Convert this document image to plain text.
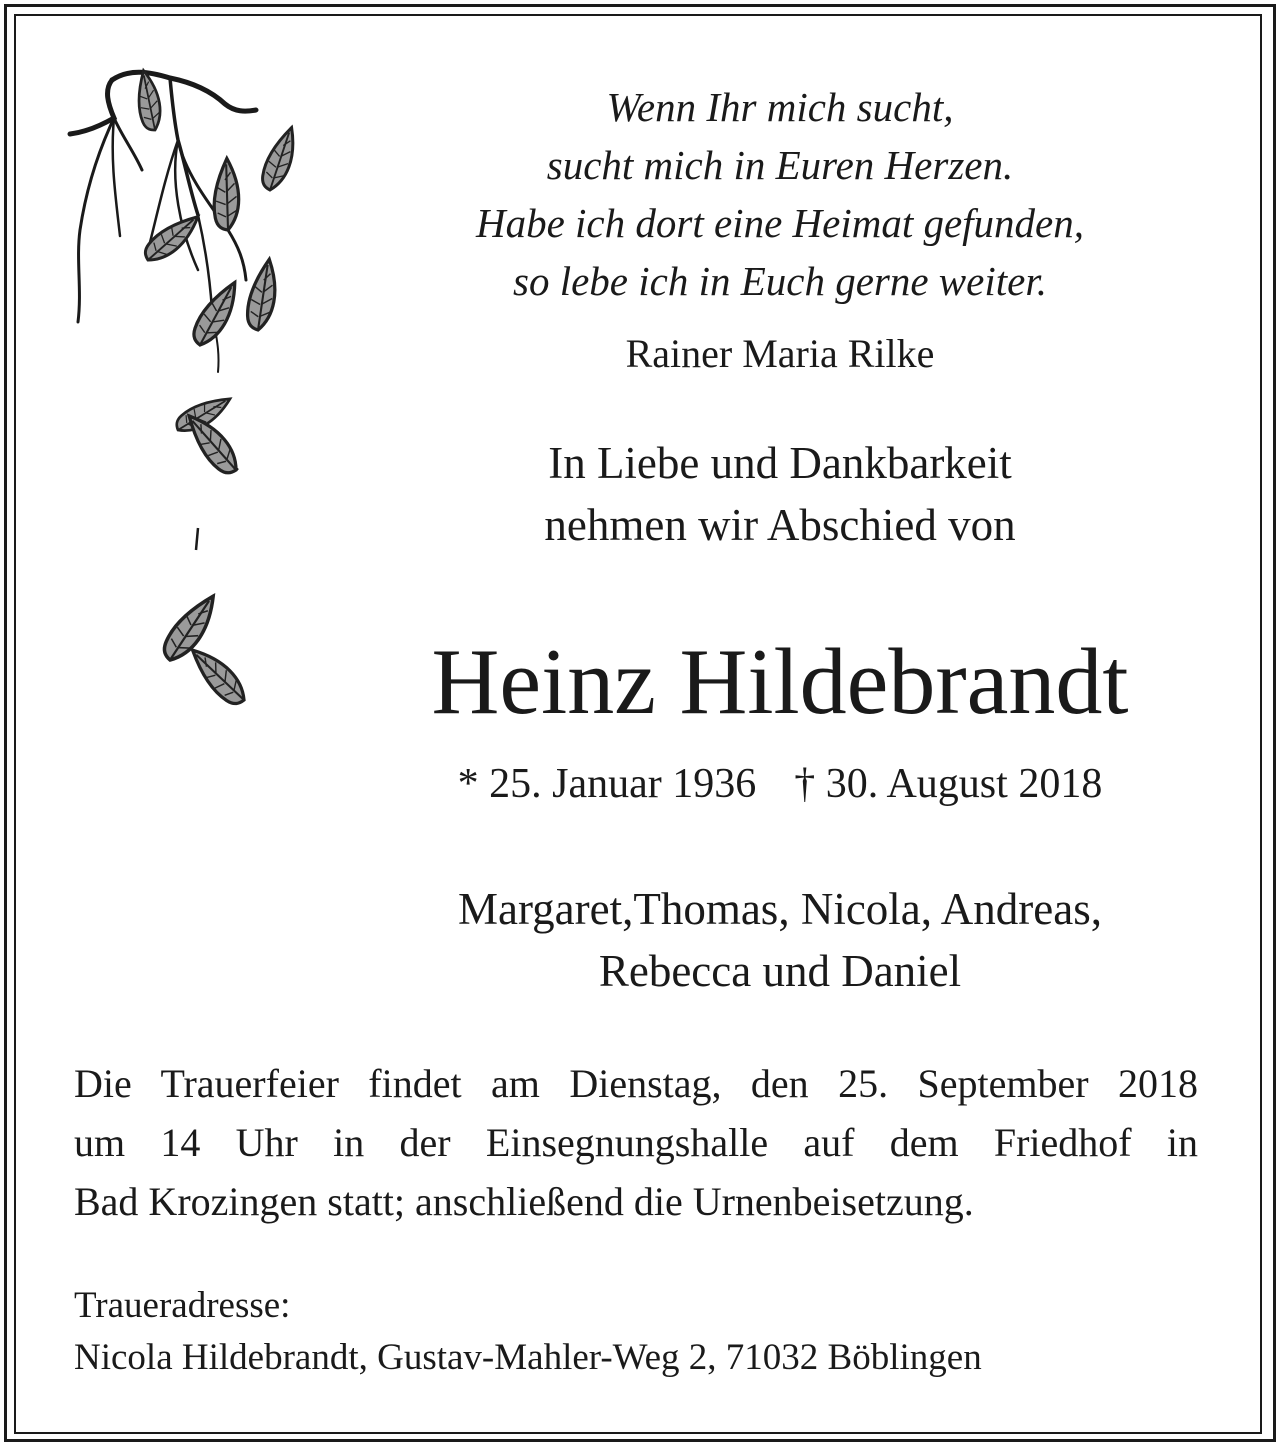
Wenn Ihr mich sucht,
sucht mich in Euren Herzen.
Habe ich dort eine Heimat gefunden,
so lebe ich in Euch gerne weiter.
Rainer Maria Rilke
In Liebe und Dankbarkeit
nehmen wir Abschied von
Heinz Hildebrandt
* 25. Januar 1936 † 30. August 2018
Margaret,Thomas, Nicola, Andreas,
Rebecca und Daniel
Die Trauerfeier findet am Dienstag, den 25. September 2018
um 14 Uhr in der Einsegnungshalle auf dem Friedhof in
Bad Krozingen statt; anschließend die Urnenbeisetzung.
Traueradresse:
Nicola Hildebrandt, Gustav-Mahler-Weg 2, 71032 Böblingen
